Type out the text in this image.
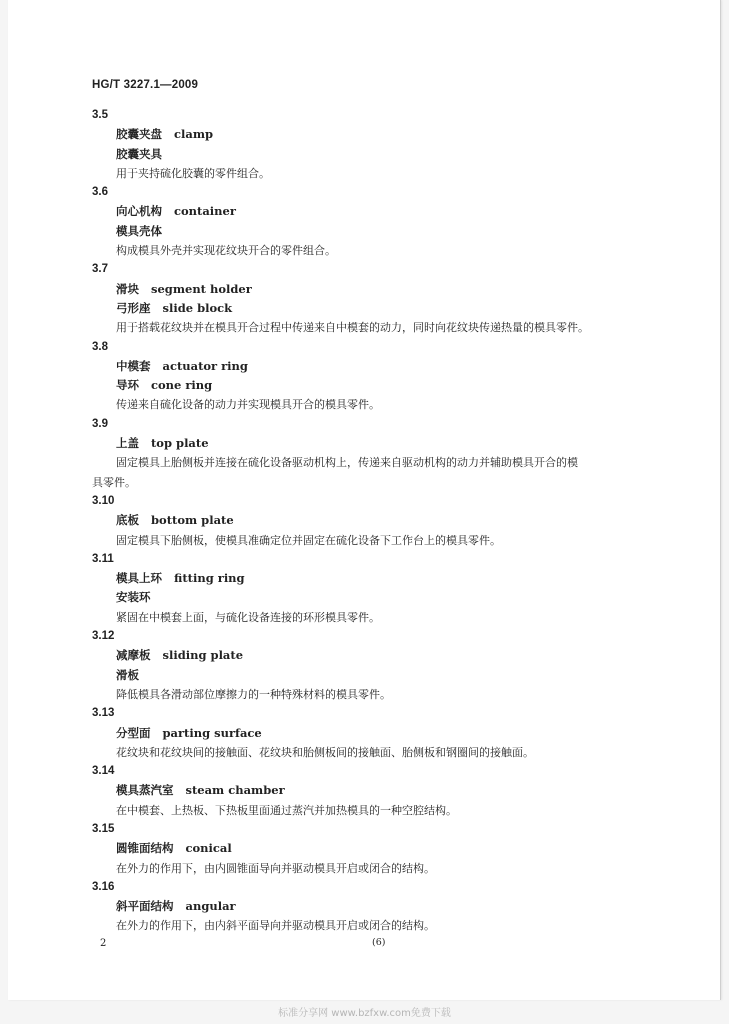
HG/T 3227.1—2009
3.5
胶囊夹盘 clamp
胶囊夹具
用于夹持硫化胶囊的零件组合。
3.6
向心机构 container
模具壳体
构成模具外壳并实现花纹块开合的零件组合。
3.7
滑块 segment holder
弓形座 slide block
用于搭载花纹块并在模具开合过程中传递来自中模套的动力，同时向花纹块传递热量的模具零件。
3.8
中模套 actuator ring
导环 cone ring
传递来自硫化设备的动力并实现模具开合的模具零件。
3.9
上盖 top plate
固定模具上胎侧板并连接在硫化设备驱动机构上，传递来自驱动机构的动力并辅助模具开合的模
具零件。
3.10
底板 bottom plate
固定模具下胎侧板，使模具准确定位并固定在硫化设备下工作台上的模具零件。
3.11
模具上环 fitting ring
安装环
紧固在中模套上面，与硫化设备连接的环形模具零件。
3.12
减摩板 sliding plate
滑板
降低模具各滑动部位摩擦力的一种特殊材料的模具零件。
3.13
分型面 parting surface
花纹块和花纹块间的接触面、花纹块和胎侧板间的接触面、胎侧板和钢圈间的接触面。
3.14
模具蒸汽室 steam chamber
在中模套、上热板、下热板里面通过蒸汽并加热模具的一种空腔结构。
3.15
圆锥面结构 conical
在外力的作用下，由内圆锥面导向并驱动模具开启或闭合的结构。
3.16
斜平面结构 angular
在外力的作用下，由内斜平面导向并驱动模具开启或闭合的结构。
2	(6)
标准分享网 www.bzfxw.com免费下载
